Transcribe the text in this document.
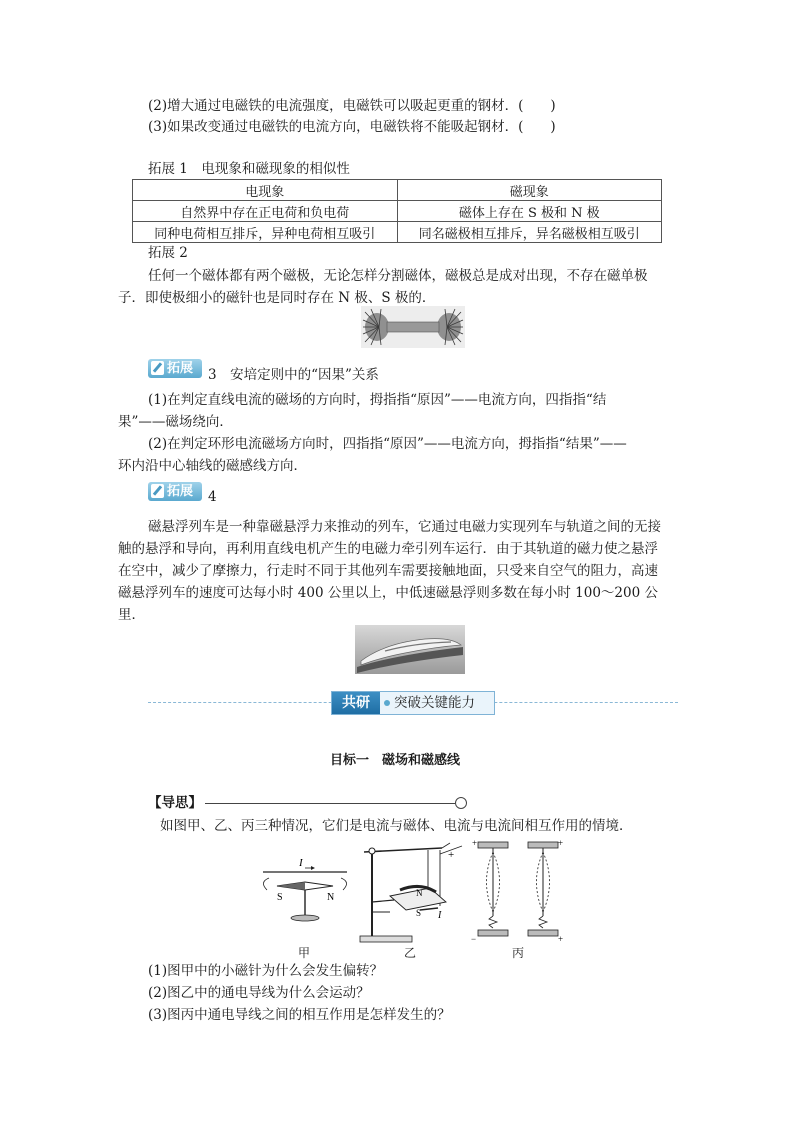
(2)增大通过电磁铁的电流强度，电磁铁可以吸起更重的钢材．(　　)
(3)如果改变通过电磁铁的电流方向，电磁铁将不能吸起钢材．(　　)
拓展 1　电现象和磁现象的相似性
电现象	磁现象
自然界中存在正电荷和负电荷	磁体上存在 S 极和 N 极
同种电荷相互排斥，异种电荷相互吸引	同名磁极相互排斥，异名磁极相互吸引
拓展 2
任何一个磁体都有两个磁极，无论怎样分割磁体，磁极总是成对出现，不存在磁单极
子．即使极细小的磁针也是同时存在 N 极、S 极的．
拓展 3　安培定则中的“因果”关系
(1)在判定直线电流的磁场的方向时，拇指指“原因”——电流方向，四指指“结
果”——磁场绕向．
(2)在判定环形电流磁场方向时，四指指“原因”——电流方向，拇指指“结果”——
环内沿中心轴线的磁感线方向．
拓展 4
磁悬浮列车是一种靠磁悬浮力来推动的列车，它通过电磁力实现列车与轨道之间的无接
触的悬浮和导向，再利用直线电机产生的电磁力牵引列车运行．由于其轨道的磁力使之悬浮
在空中，减少了摩擦力，行走时不同于其他列车需要接触地面，只受来自空气的阻力，高速
磁悬浮列车的速度可达每小时 400 公里以上，中低速磁悬浮则多数在每小时 100～200 公
里．
共研	突破关键能力
目标一　磁场和磁感线
【导思】
如图甲、乙、丙三种情况，它们是电流与磁体、电流与电流间相互作用的情境．
I
S	N
+
N
S I
+	+
−	+
甲	乙	丙
(1)图甲中的小磁针为什么会发生偏转？
(2)图乙中的通电导线为什么会运动？
(3)图丙中通电导线之间的相互作用是怎样发生的？
